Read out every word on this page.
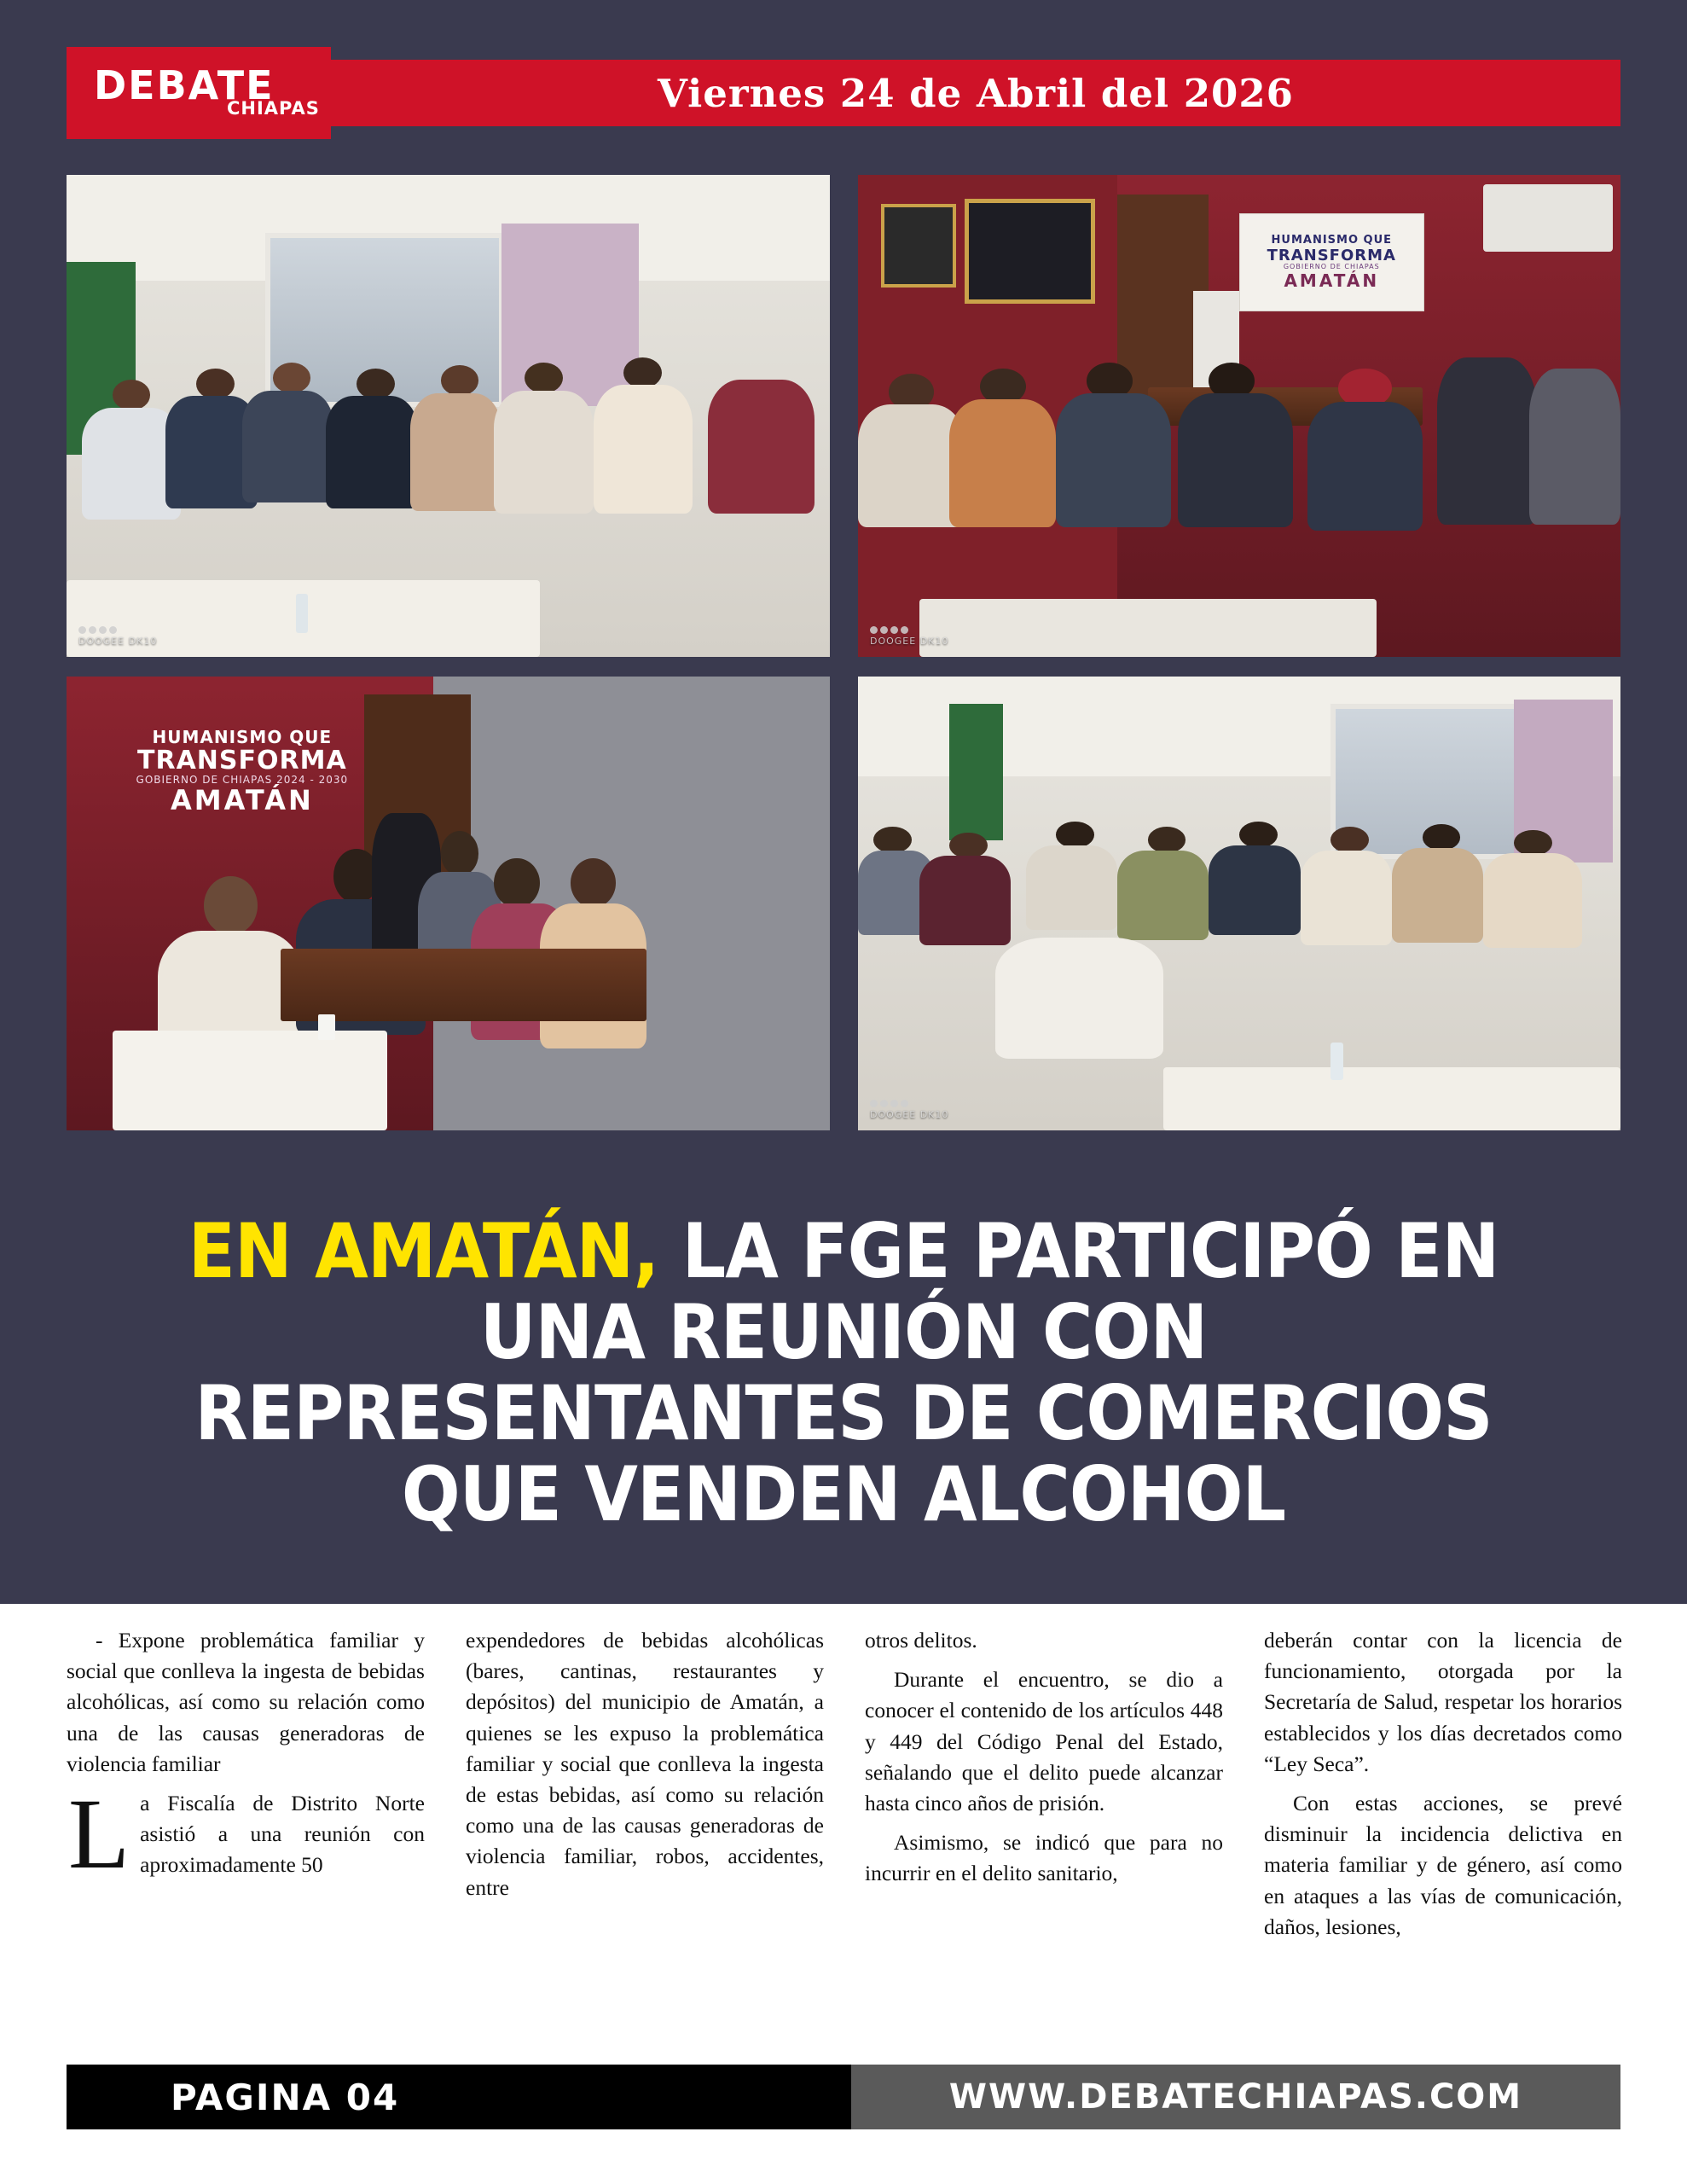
DEBATE
CHIAPAS	Viernes 24 de Abril del 2026
DOOGEE DK10
HUMANISMO QUE
TRANSFORMA
GOBIERNO DE CHIAPAS
AMATÁN
DOOGEE DK10
HUMANISMO QUE
TRANSFORMA
GOBIERNO DE CHIAPAS 2024 - 2030
AMATÁN
DOOGEE DK10
EN AMATÁN, LA FGE PARTICIPÓ EN UNA REUNIÓN CON REPRESENTANTES DE COMERCIOS QUE VENDEN ALCOHOL

- Expone problemática familiar y social que conlleva la ingesta de bebidas alcohólicas, así como su relación como una de las causas generadoras de violencia familiar

L a Fiscalía de Distrito Norte asistió a una reunión con aproximadamente 50

expendedores de bebidas alcohólicas (bares, cantinas, restaurantes y depósitos) del municipio de Amatán, a quienes se les expuso la problemática familiar y social que conlleva la ingesta de estas bebidas, así como su relación como una de las causas generadoras de violencia familiar, robos, accidentes, entre

otros delitos.

Durante el encuentro, se dio a conocer el contenido de los artículos 448 y 449 del Código Penal del Estado, señalando que el delito puede alcanzar hasta cinco años de prisión.

Asimismo, se indicó que para no incurrir en el delito sanitario,

deberán contar con la licencia de funcionamiento, otorgada por la Secretaría de Salud, respetar los horarios establecidos y los días decretados como “Ley Seca”.

Con estas acciones, se prevé disminuir la incidencia delictiva en materia familiar y de género, así como en ataques a las vías de comunicación, daños, lesiones,

PAGINA 04	WWW.DEBATECHIAPAS.COM
